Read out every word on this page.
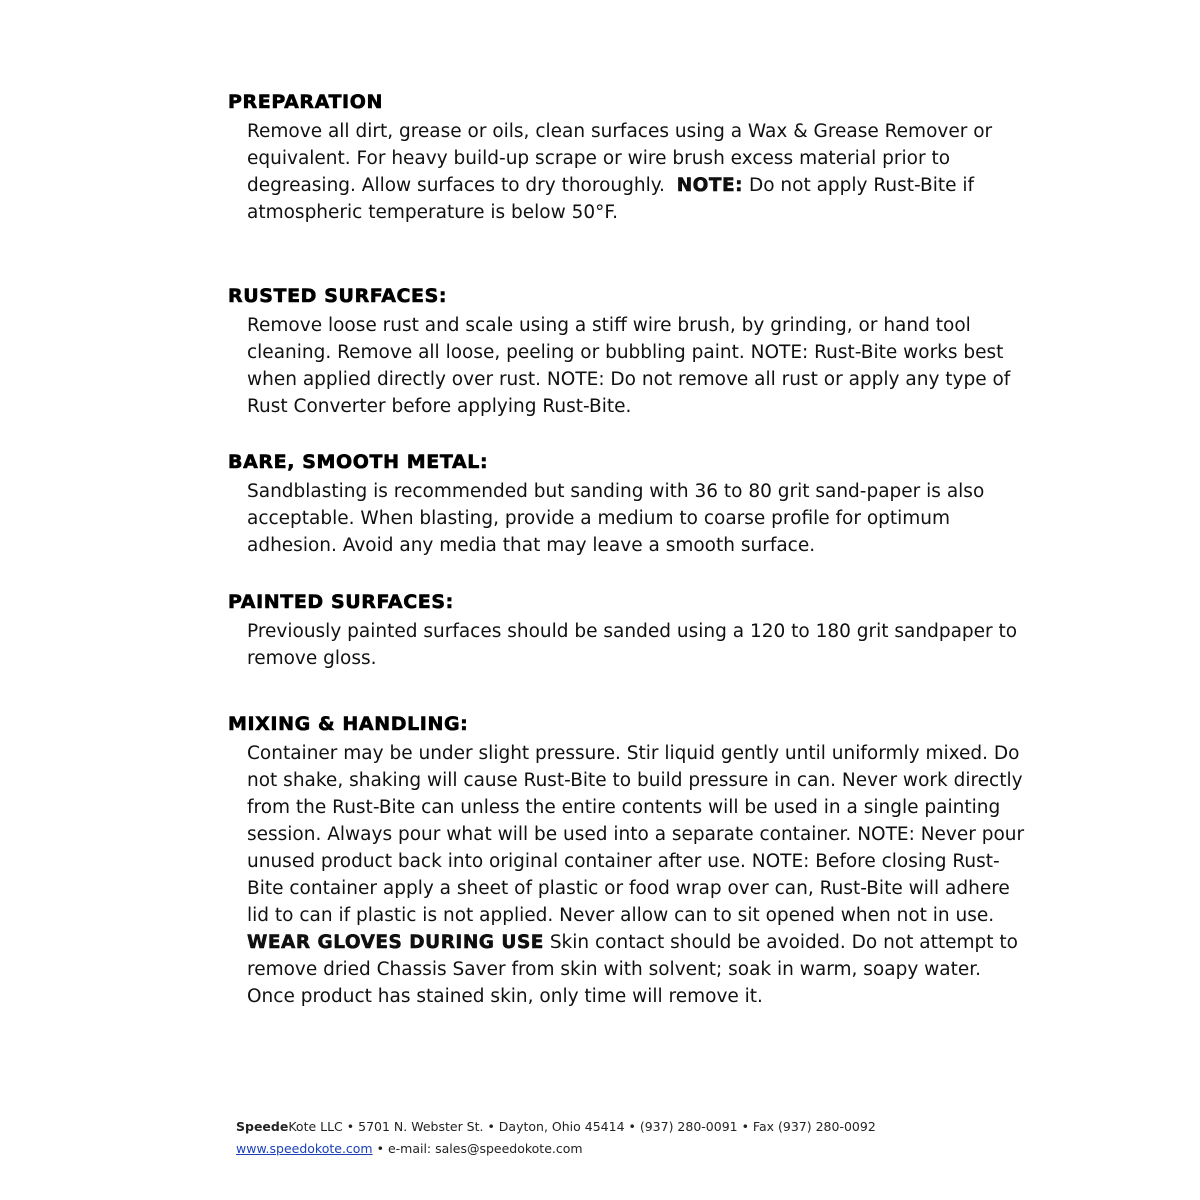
PREPARATION

Remove all dirt, grease or oils, clean surfaces using a Wax & Grease Remover or equivalent. For heavy build-up scrape or wire brush excess material prior to degreasing. Allow surfaces to dry thoroughly. NOTE: Do not apply Rust-Bite if atmospheric temperature is below 50°F.

RUSTED SURFACES:

Remove loose rust and scale using a stiff wire brush, by grinding, or hand tool cleaning. Remove all loose, peeling or bubbling paint. NOTE: Rust-Bite works best when applied directly over rust. NOTE: Do not remove all rust or apply any type of Rust Converter before applying Rust-Bite.

BARE, SMOOTH METAL:

Sandblasting is recommended but sanding with 36 to 80 grit sand-paper is also acceptable. When blasting, provide a medium to coarse profile for optimum adhesion. Avoid any media that may leave a smooth surface.

PAINTED SURFACES:

Previously painted surfaces should be sanded using a 120 to 180 grit sandpaper to remove gloss.

MIXING & HANDLING:

Container may be under slight pressure. Stir liquid gently until uniformly mixed. Do not shake, shaking will cause Rust-Bite to build pressure in can. Never work directly from the Rust-Bite can unless the entire contents will be used in a single painting session. Always pour what will be used into a separate container. NOTE: Never pour unused product back into original container after use. NOTE: Before closing Rust-Bite container apply a sheet of plastic or food wrap over can, Rust-Bite will adhere lid to can if plastic is not applied. Never allow can to sit opened when not in use. WEAR GLOVES DURING USE Skin contact should be avoided. Do not attempt to remove dried Chassis Saver from skin with solvent; soak in warm, soapy water. Once product has stained skin, only time will remove it.

SpeedeKote LLC • 5701 N. Webster St. • Dayton, Ohio 45414 • (937) 280-0091 • Fax (937) 280-0092
www.speedokote.com • e-mail: sales@speedokote.com
